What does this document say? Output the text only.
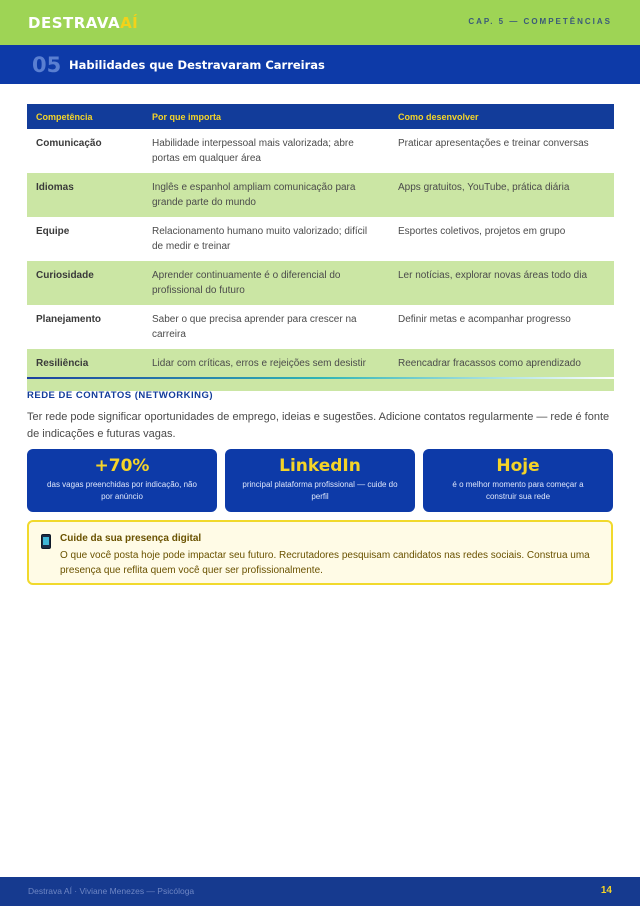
DESTRAVAAÍ	CAP. 5 — COMPETÊNCIAS
05 Habilidades que Destravaram Carreiras
Competência	Por que importa	Como desenvolver
Comunicação	Habilidade interpessoal mais valorizada; abre portas em qualquer área	Praticar apresentações e treinar conversas
Idiomas	Inglês e espanhol ampliam comunicação para grande parte do mundo	Apps gratuitos, YouTube, prática diária
Equipe	Relacionamento humano muito valorizado; difícil de medir e treinar	Esportes coletivos, projetos em grupo
Curiosidade	Aprender continuamente é o diferencial do profissional do futuro	Ler notícias, explorar novas áreas todo dia
Planejamento	Saber o que precisa aprender para crescer na carreira	Definir metas e acompanhar progresso
Resiliência	Lidar com críticas, erros e rejeições sem desistir	Reencadrar fracassos como aprendizado
REDE DE CONTATOS (NETWORKING)
Ter rede pode significar oportunidades de emprego, ideias e sugestões. Adicione contatos regularmente — rede é fonte de indicações e futuras vagas.
+70%
das vagas preenchidas por indicação, não por anúncio
LinkedIn
principal plataforma profissional — cuide do perfil
Hoje
é o melhor momento para começar a construir sua rede
Cuide da sua presença digital
O que você posta hoje pode impactar seu futuro. Recrutadores pesquisam candidatos nas redes sociais. Construa uma presença que reflita quem você quer ser profissionalmente.
Destrava AÍ · Viviane Menezes — Psicóloga	14
